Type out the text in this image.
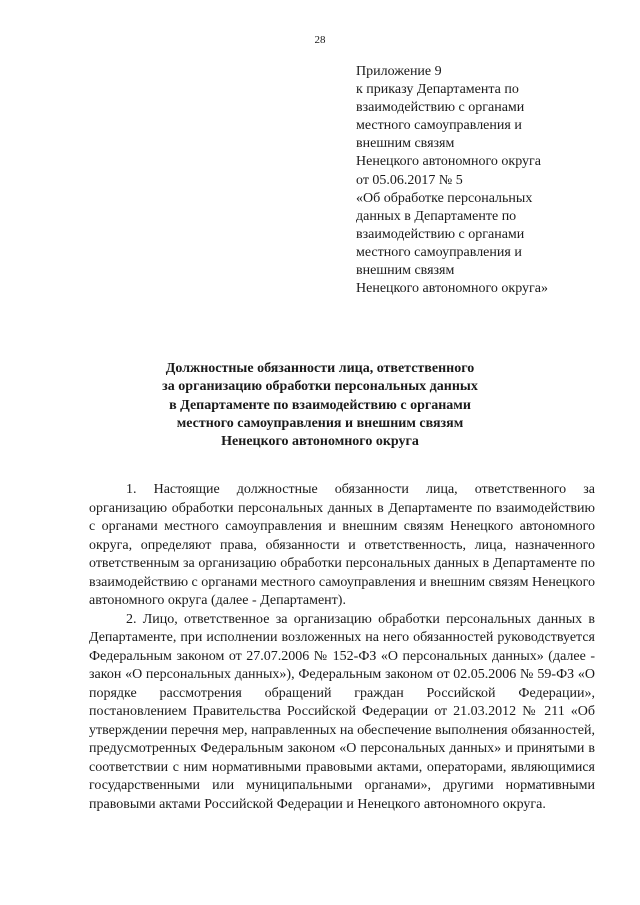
28
Приложение 9
к приказу Департамента по
взаимодействию с органами
местного самоуправления и
внешним связям
Ненецкого автономного округа
от 05.06.2017 № 5
«Об обработке персональных
данных в Департаменте по
взаимодействию с органами
местного самоуправления и
внешним связям
Ненецкого автономного округа»
Должностные обязанности лица, ответственного
за организацию обработки персональных данных
в Департаменте по взаимодействию с органами
местного самоуправления и внешним связям
Ненецкого автономного округа

1. Настоящие должностные обязанности лица, ответственного за организацию обработки персональных данных в Департаменте по взаимодействию с органами местного самоуправления и внешним связям Ненецкого автономного округа, определяют права, обязанности и ответственность, лица, назначенного ответственным за организацию обработки персональных данных в Департаменте по взаимодействию с органами местного самоуправления и внешним связям Ненецкого автономного округа (далее - Департамент).

2. Лицо, ответственное за организацию обработки персональных данных в Департаменте, при исполнении возложенных на него обязанностей руководствуется Федеральным законом от 27.07.2006 № 152-ФЗ «О персональных данных» (далее - закон «О персональных данных»), Федеральным законом от 02.05.2006 № 59-ФЗ «О порядке рассмотрения обращений граждан Российской Федерации», постановлением Правительства Российской Федерации от 21.03.2012 № 211 «Об утверждении перечня мер, направленных на обеспечение выполнения обязанностей, предусмотренных Федеральным законом «О персональных данных» и принятыми в соответствии с ним нормативными правовыми актами, операторами, являющимися государственными или муниципальными органами», другими нормативными правовыми актами Российской Федерации и Ненецкого автономного округа.
